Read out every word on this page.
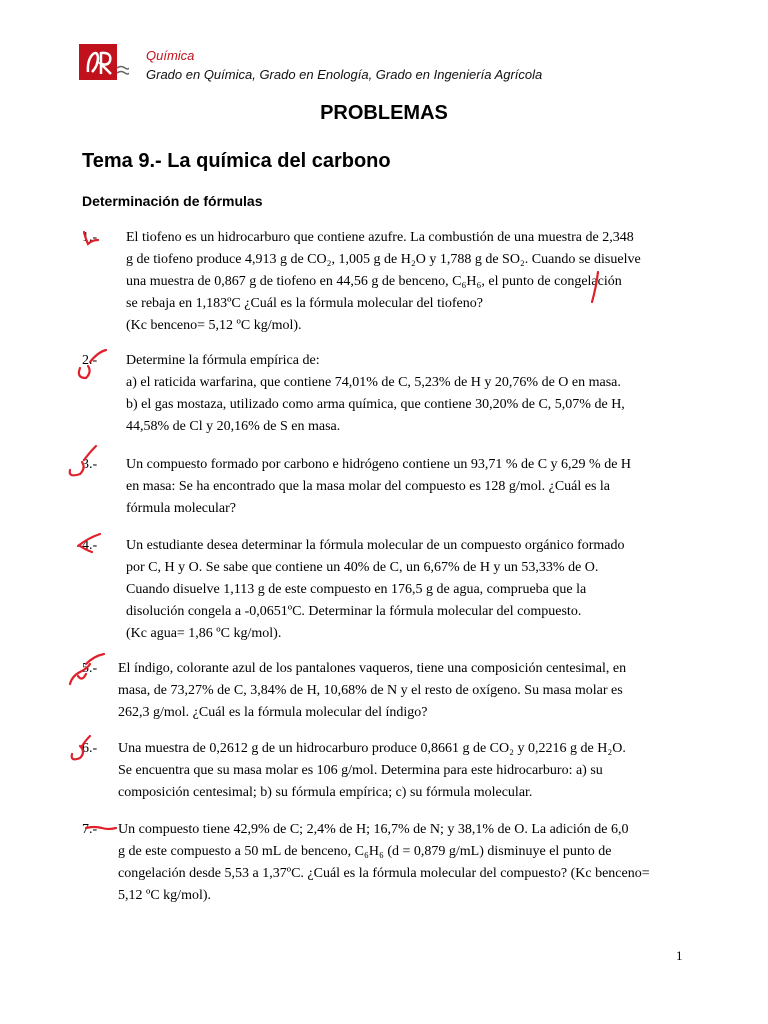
Química
Grado en Química, Grado en Enología, Grado en Ingeniería Agrícola
PROBLEMAS
Tema 9.- La química del carbono
Determinación de fórmulas
1.- El tiofeno es un hidrocarburo que contiene azufre. La combustión de una muestra de 2,348
g de tiofeno produce 4,913 g de CO₂, 1,005 g de H₂O y 1,788 g de SO₂. Cuando se disuelve
una muestra de 0,867 g de tiofeno en 44,56 g de benceno, C₆H₆, el punto de congelación
se rebaja en 1,183ºC ¿Cuál es la fórmula molecular del tiofeno?
(Kc benceno= 5,12 ºC kg/mol).
2.- Determine la fórmula empírica de:
a) el raticida warfarina, que contiene 74,01% de C, 5,23% de H y 20,76% de O en masa.
b) el gas mostaza, utilizado como arma química, que contiene 30,20% de C, 5,07% de H,
44,58% de Cl y 20,16% de S en masa.
3.- Un compuesto formado por carbono e hidrógeno contiene un 93,71 % de C y 6,29 % de H
en masa: Se ha encontrado que la masa molar del compuesto es 128 g/mol. ¿Cuál es la
fórmula molecular?
4.- Un estudiante desea determinar la fórmula molecular de un compuesto orgánico formado
por C, H y O. Se sabe que contiene un 40% de C, un 6,67% de H y un 53,33% de O.
Cuando disuelve 1,113 g de este compuesto en 176,5 g de agua, comprueba que la
disolución congela a -0,0651ºC. Determinar la fórmula molecular del compuesto.
(Kc agua= 1,86 ºC kg/mol).
5.- El índigo, colorante azul de los pantalones vaqueros, tiene una composición centesimal, en
masa, de 73,27% de C, 3,84% de H, 10,68% de N y el resto de oxígeno. Su masa molar es
262,3 g/mol. ¿Cuál es la fórmula molecular del índigo?
6.- Una muestra de 0,2612 g de un hidrocarburo produce 0,8661 g de CO₂ y 0,2216 g de H₂O.
Se encuentra que su masa molar es 106 g/mol. Determina para este hidrocarburo: a) su
composición centesimal; b) su fórmula empírica; c) su fórmula molecular.
7.- Un compuesto tiene 42,9% de C; 2,4% de H; 16,7% de N; y 38,1% de O. La adición de 6,0
g de este compuesto a 50 mL de benceno, C₆H₆ (d = 0,879 g/mL) disminuye el punto de
congelación desde 5,53 a 1,37ºC. ¿Cuál es la fórmula molecular del compuesto? (Kc benceno=
5,12 ºC kg/mol).
1
